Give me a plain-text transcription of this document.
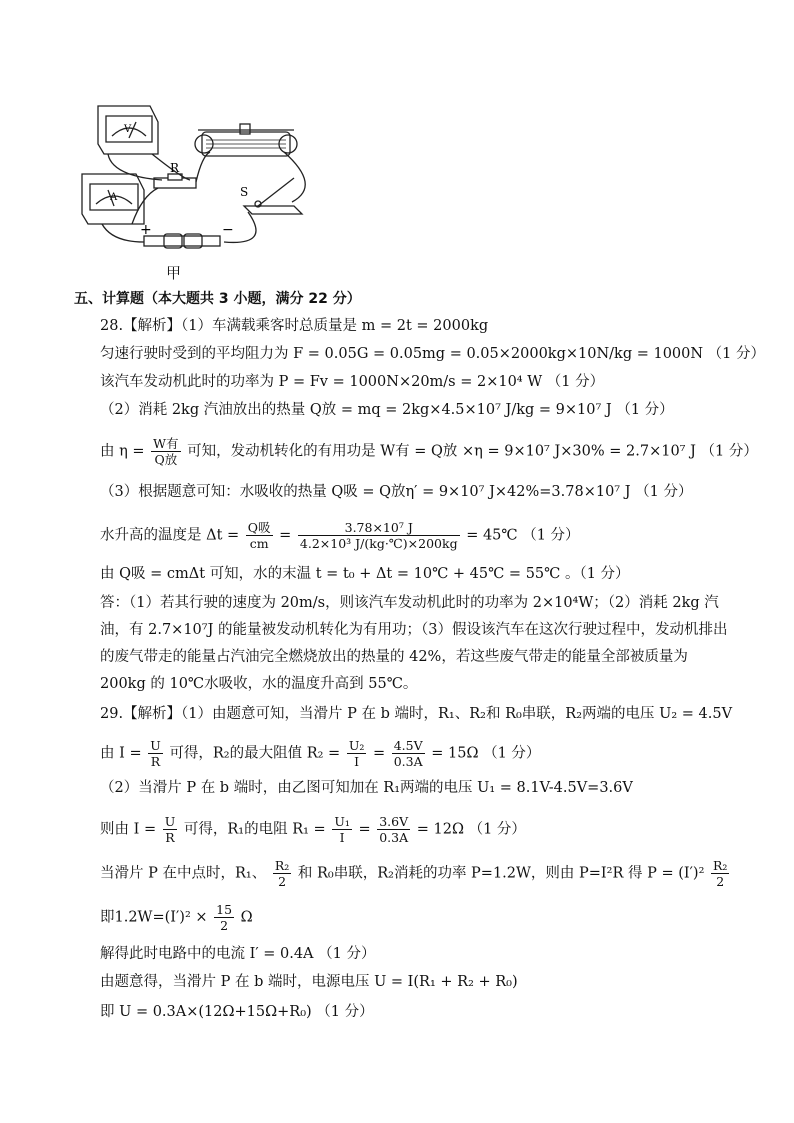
R
S
V
A
+	−
甲
五、计算题（本大题共 3 小题，满分 22 分）
28.【解析】（1）车满载乘客时总质量是 m = 2t = 2000kg
匀速行驶时受到的平均阻力为 F = 0.05G = 0.05mg = 0.05×2000kg×10N/kg = 1000N （1 分）
该汽车发动机此时的功率为 P = Fv = 1000N×20m/s = 2×10⁴ W （1 分）
（2）消耗 2kg 汽油放出的热量 Q放 = mq = 2kg×4.5×10⁷ J/kg = 9×10⁷ J （1 分）
由 $\eta = \frac{\text{W有}}{\text{Q放}}$ 可知，发动机转化的有用功是 W有 = Q放 ×η = 9×10⁷ J×30% = 2.7×10⁷ J （1 分）
（3）根据题意可知：水吸收的热量 Q吸 = Q放η′ = 9×10⁷ J×42%=3.78×10⁷ J （1 分）
水升高的温度是 $\Delta t = \frac{\text{Q吸}}{cm} = \frac{\text{3.78×10⁷ J}}{\text{4.2×10³ J/(kg·℃)×200kg}}$ = 45℃ （1 分）
由 Q吸 = cmΔt 可知，水的末温 t = t₀ + Δt = 10℃ + 45℃ = 55℃ 。（1 分）
答：（1）若其行驶的速度为 20m/s，则该汽车发动机此时的功率为 2×10⁴W；（2）消耗 2kg 汽油，有 2.7×10⁷J 的能量被发动机转化为有用功；（3）假设该汽车在这次行驶过程中，发动机排出的废气带走的能量占汽油完全燃烧放出的热量的 42%，若这些废气带走的能量全部被质量为 200kg 的 10℃水吸收，水的温度升高到 55℃。
29.【解析】（1）由题意可知，当滑片 P 在 b 端时，R₁、R₂和 R₀串联，R₂两端的电压 U₂ = 4.5V
由 $I = \frac{U}{R}$ 可得，R₂的最大阻值 $R_2 = \frac{\text{U₂}}{I} = \frac{4.5V}{0.3A} = 15\Omega$ （1 分）
（2）当滑片 P 在 b 端时，由乙图可知加在 R₁两端的电压 U₁ = 8.1V-4.5V=3.6V
则由 $I = \frac{U}{R}$ 可得，R₁的电阻 $R_1 = \frac{\text{U₁}}{I} = \frac{3.6V}{0.3A} = 12\Omega$ （1 分）
当滑片 P 在中点时，R₁、 $\frac{\text{R₂}}{2}$ 和 R₀串联，R₂消耗的功率 P=1.2W，则由 P=I²R 得 $P = (I')^2 \frac{\text{R₂}}{2}$
即$1.2W=(I')^2 \times \frac{15}{2}$ Ω
解得此时电路中的电流 I′ = 0.4A （1 分）
由题意得，当滑片 P 在 b 端时，电源电压 U = I(R₁ + R₂ + R₀)
即 U = 0.3A×(12Ω+15Ω+R₀) （1 分）
